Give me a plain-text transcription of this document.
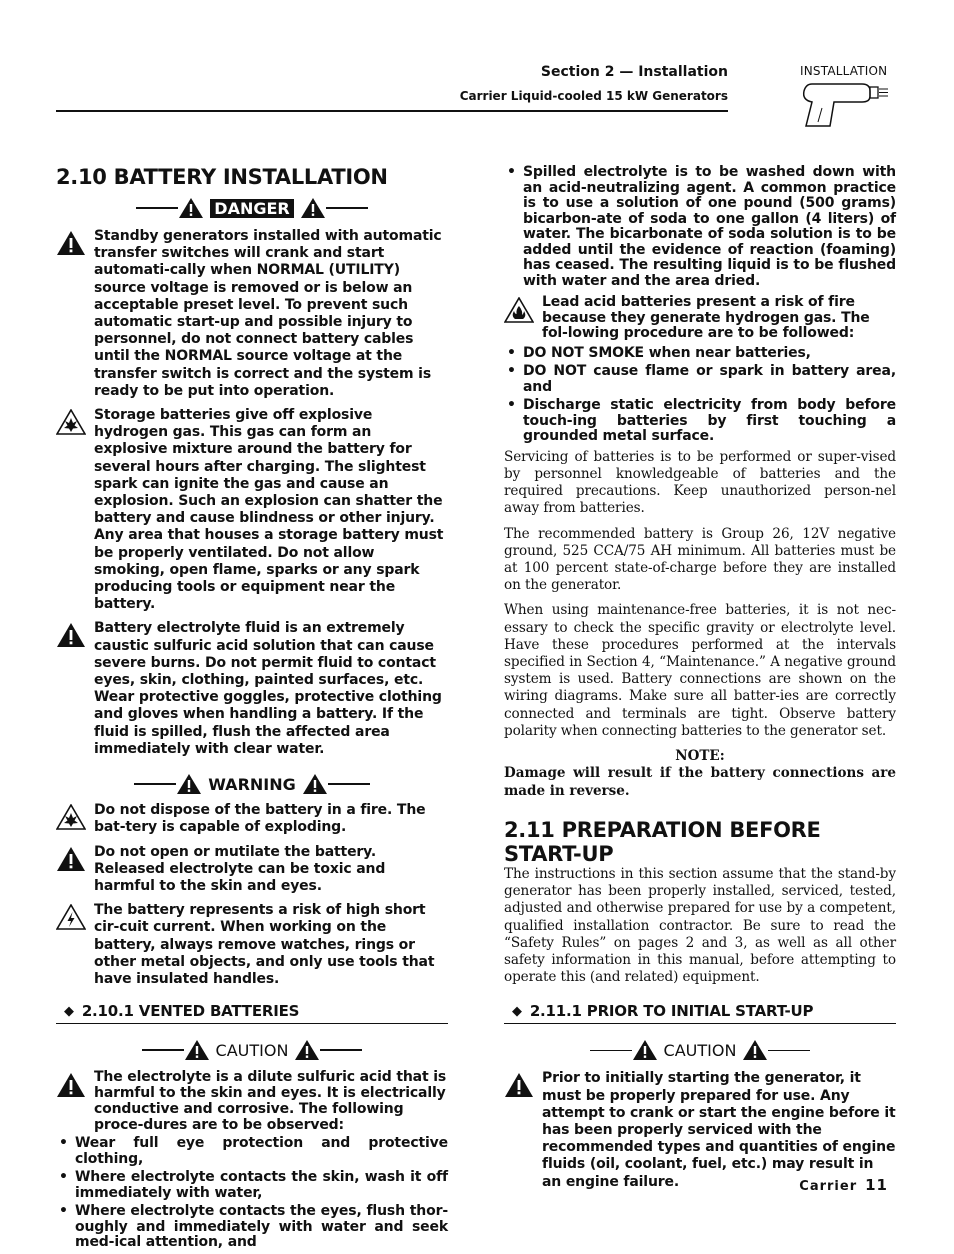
Section 2 — Installation
Carrier Liquid-cooled 15 kW Generators
INSTALLATION
2.10 BATTERY INSTALLATION
DANGER
Standby generators installed with automatic transfer switches will crank and start automati-cally when NORMAL (UTILITY) source voltage is removed or is below an acceptable preset level. To prevent such automatic start-up and possible injury to personnel, do not connect battery cables until the NORMAL source voltage at the transfer switch is correct and the system is ready to be put into operation.
Storage batteries give off explosive hydrogen gas. This gas can form an explosive mixture around the battery for several hours after charging. The slightest spark can ignite the gas and cause an explosion. Such an explosion can shatter the battery and cause blindness or other injury. Any area that houses a storage battery must be properly ventilated. Do not allow smoking, open flame, sparks or any spark producing tools or equipment near the battery.
Battery electrolyte fluid is an extremely caustic sulfuric acid solution that can cause severe burns. Do not permit fluid to contact eyes, skin, clothing, painted surfaces, etc. Wear protective goggles, protective clothing and gloves when handling a battery. If the fluid is spilled, flush the affected area immediately with clear water.
WARNING
Do not dispose of the battery in a fire. The bat-tery is capable of exploding.
Do not open or mutilate the battery. Released electrolyte can be toxic and harmful to the skin and eyes.
The battery represents a risk of high short cir-cuit current. When working on the battery, always remove watches, rings or other metal objects, and only use tools that have insulated handles.
◆ 2.10.1 VENTED BATTERIES
CAUTION
The electrolyte is a dilute sulfuric acid that is harmful to the skin and eyes. It is electrically conductive and corrosive. The following proce-dures are to be observed:
• Wear full eye protection and protective clothing,
• Where electrolyte contacts the skin, wash it off immediately with water,
• Where electrolyte contacts the eyes, flush thor-oughly and immediately with water and seek med-ical attention, and
• Spilled electrolyte is to be washed down with an acid-neutralizing agent. A common practice is to use a solution of one pound (500 grams) bicarbon-ate of soda to one gallon (4 liters) of water. The bicarbonate of soda solution is to be added until the evidence of reaction (foaming) has ceased. The resulting liquid is to be flushed with water and the area dried.
Lead acid batteries present a risk of fire because they generate hydrogen gas. The fol-lowing procedure are to be followed:
• DO NOT SMOKE when near batteries,
• DO NOT cause flame or spark in battery area, and
• Discharge static electricity from body before touch-ing batteries by first touching a grounded metal surface.

Servicing of batteries is to be performed or super-vised by personnel knowledgeable of batteries and the required precautions. Keep unauthorized person-nel away from batteries.

The recommended battery is Group 26, 12V negative ground, 525 CCA/75 AH minimum. All batteries must be at 100 percent state-of-charge before they are installed on the generator.

When using maintenance-free batteries, it is not nec-essary to check the specific gravity or electrolyte level. Have these procedures performed at the intervals specified in Section 4, “Maintenance.” A negative ground system is used. Battery connections are shown on the wiring diagrams. Make sure all batter-ies are correctly connected and terminals are tight. Observe battery polarity when connecting batteries to the generator set.

NOTE:

Damage will result if the battery connections are made in reverse.

2.11 PREPARATION BEFORE START-UP

The instructions in this section assume that the stand-by generator has been properly installed, serviced, tested, adjusted and otherwise prepared for use by a competent, qualified installation contractor. Be sure to read the “Safety Rules” on pages 2 and 3, as well as all other safety information in this manual, before attempting to operate this (and related) equipment.

◆ 2.11.1 PRIOR TO INITIAL START-UP
CAUTION
Prior to initially starting the generator, it must be properly prepared for use. Any attempt to crank or start the engine before it has been properly serviced with the recommended types and quantities of engine fluids (oil, coolant, fuel, etc.) may result in an engine failure.	Carrier 11
